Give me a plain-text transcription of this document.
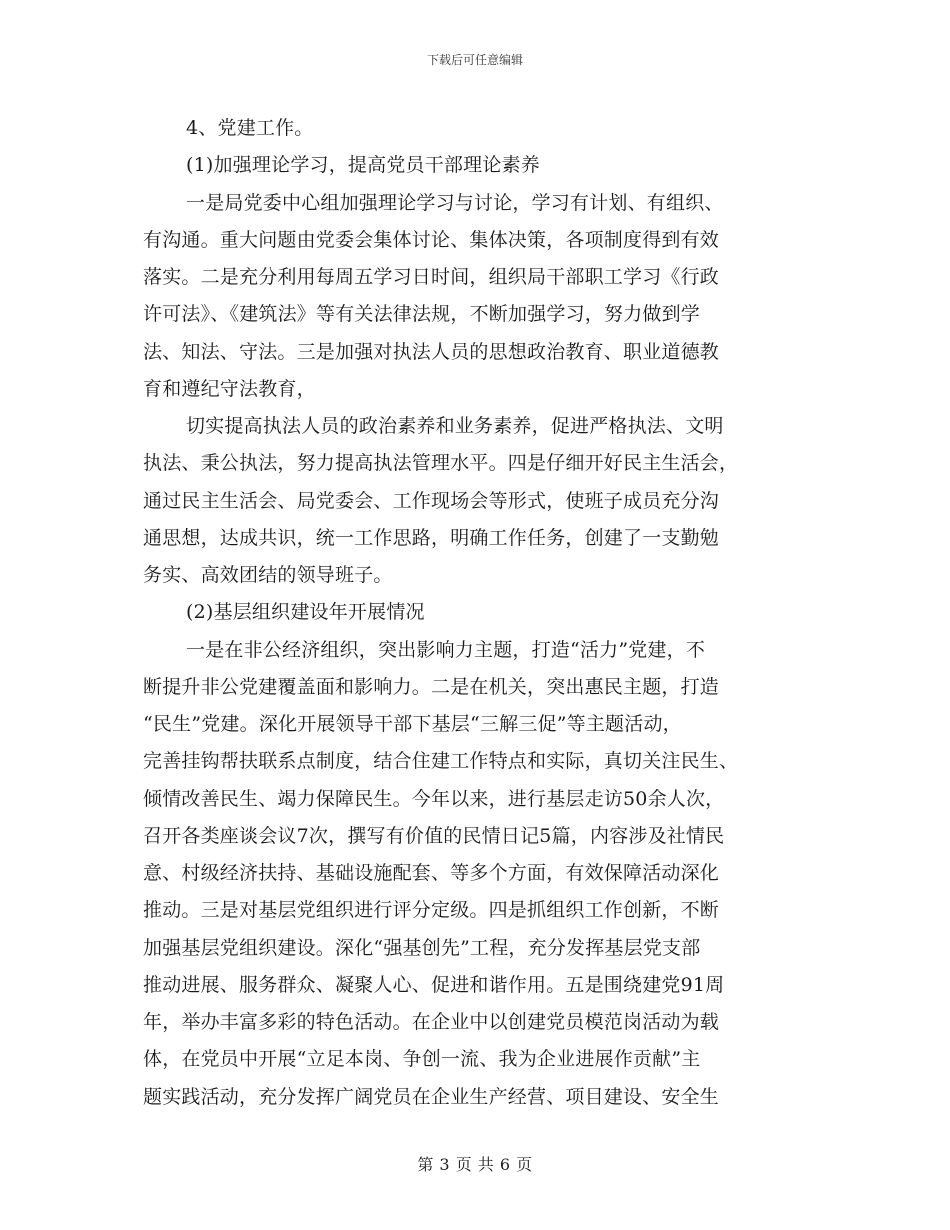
下载后可任意编辑
4、党建工作。
(1)加强理论学习，提高党员干部理论素养
一是局党委中心组加强理论学习与讨论，学习有计划、有组织、
有沟通。重大问题由党委会集体讨论、集体决策，各项制度得到有效
落实。二是充分利用每周五学习日时间，组织局干部职工学习《行政
许可法》、《建筑法》等有关法律法规，不断加强学习，努力做到学
法、知法、守法。三是加强对执法人员的思想政治教育、职业道德教
育和遵纪守法教育，
切实提高执法人员的政治素养和业务素养，促进严格执法、文明
执法、秉公执法，努力提高执法管理水平。四是仔细开好民主生活会，
通过民主生活会、局党委会、工作现场会等形式，使班子成员充分沟
通思想，达成共识，统一工作思路，明确工作任务，创建了一支勤勉
务实、高效团结的领导班子。
(2)基层组织建设年开展情况
一是在非公经济组织，突出影响力主题，打造“活力”党建，不
断提升非公党建覆盖面和影响力。二是在机关，突出惠民主题，打造
“民生”党建。深化开展领导干部下基层“三解三促”等主题活动，
完善挂钩帮扶联系点制度，结合住建工作特点和实际，真切关注民生、
倾情改善民生、竭力保障民生。今年以来，进行基层走访50余人次，
召开各类座谈会议7次，撰写有价值的民情日记5篇，内容涉及社情民
意、村级经济扶持、基础设施配套、等多个方面，有效保障活动深化
推动。三是对基层党组织进行评分定级。四是抓组织工作创新，不断
加强基层党组织建设。深化“强基创先”工程，充分发挥基层党支部
推动进展、服务群众、凝聚人心、促进和谐作用。五是围绕建党91周
年，举办丰富多彩的特色活动。在企业中以创建党员模范岗活动为载
体，在党员中开展“立足本岗、争创一流、我为企业进展作贡献”主
题实践活动，充分发挥广阔党员在企业生产经营、项目建设、安全生
第 3 页 共 6 页
